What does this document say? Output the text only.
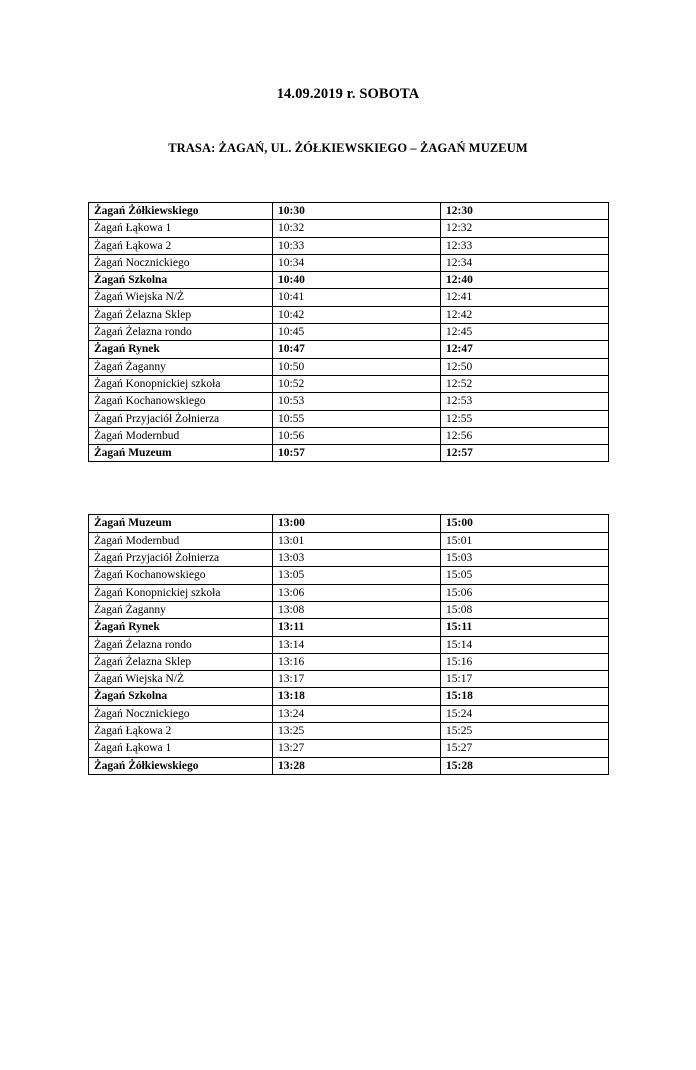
14.09.2019 r. SOBOTA
TRASA: ŻAGAŃ, UL. ŻÓŁKIEWSKIEGO – ŻAGAŃ MUZEUM
Żagań Żółkiewskiego	10:30	12:30
Żagań Łąkowa 1	10:32	12:32
Żagań Łąkowa 2	10:33	12:33
Żagań Nocznickiego	10:34	12:34
Żagań Szkolna	10:40	12:40
Żagań Wiejska N/Ż	10:41	12:41
Żagań Żelazna Sklep	10:42	12:42
Żagań Żelazna rondo	10:45	12:45
Żagań Rynek	10:47	12:47
Żagań Żaganny	10:50	12:50
Żagań Konopnickiej szkoła	10:52	12:52
Żagań Kochanowskiego	10:53	12:53
Żagań Przyjaciół Żołnierza	10:55	12:55
Żagań Modernbud	10:56	12:56
Żagań Muzeum	10:57	12:57
Żagań Muzeum	13:00	15:00
Żagań Modernbud	13:01	15:01
Żagań Przyjaciół Żołnierza	13:03	15:03
Żagań Kochanowskiego	13:05	15:05
Żagań Konopnickiej szkoła	13:06	15:06
Żagań Żaganny	13:08	15:08
Żagań Rynek	13:11	15:11
Żagań Żelazna rondo	13:14	15:14
Żagań Żelazna Sklep	13:16	15:16
Żagań Wiejska N/Ż	13:17	15:17
Żagań Szkolna	13:18	15:18
Żagań Nocznickiego	13:24	15:24
Żagań Łąkowa 2	13:25	15:25
Żagań Łąkowa 1	13:27	15:27
Żagań Żółkiewskiego	13:28	15:28
